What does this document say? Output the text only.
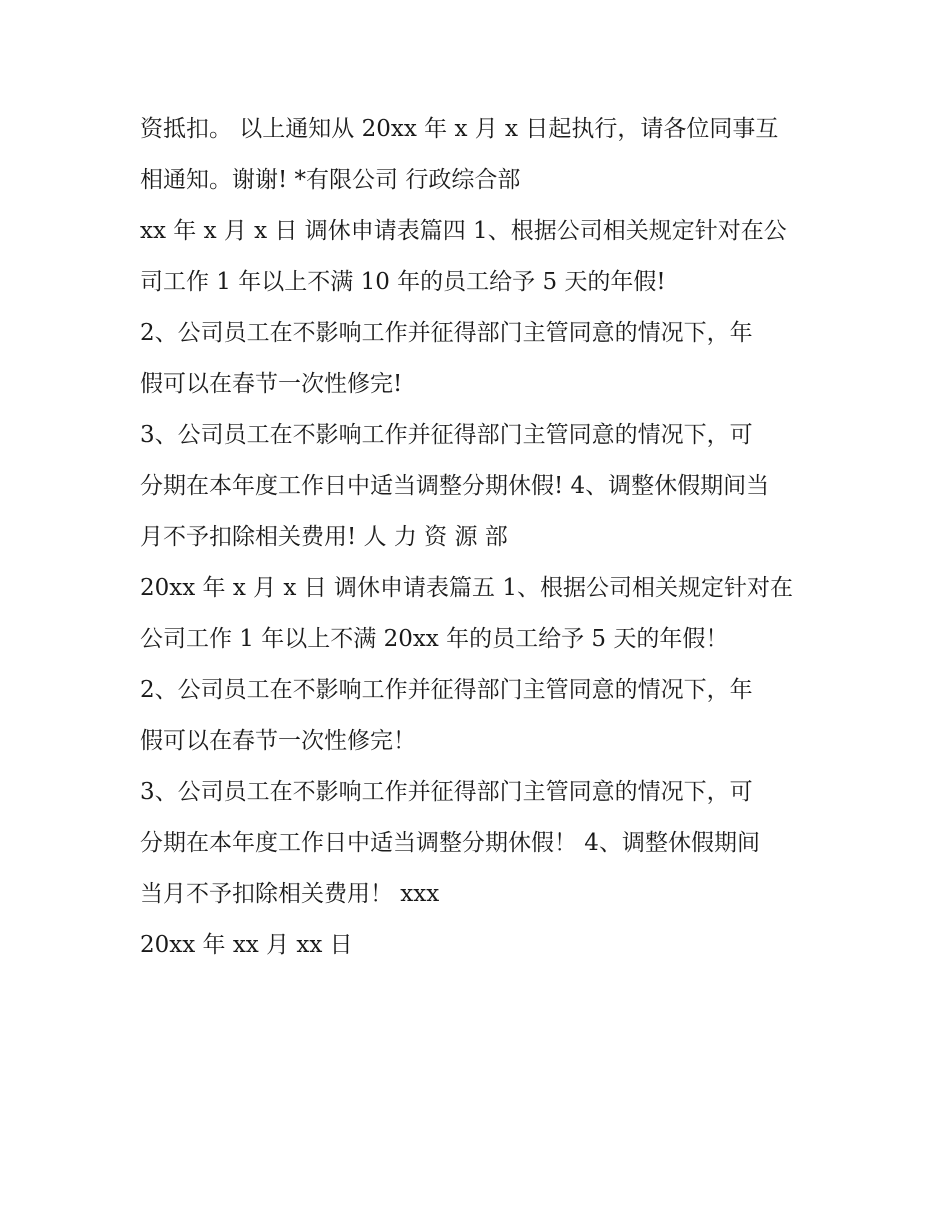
资抵扣。 以上通知从 20xx 年 x 月 x 日起执行，请各位同事互
相通知。谢谢! *有限公司 行政综合部
xx 年 x 月 x 日 调休申请表篇四 1、根据公司相关规定针对在公
司工作 1 年以上不满 10 年的员工给予 5 天的年假!
2、公司员工在不影响工作并征得部门主管同意的情况下，年
假可以在春节一次性修完!
3、公司员工在不影响工作并征得部门主管同意的情况下，可
分期在本年度工作日中适当调整分期休假! 4、调整休假期间当
月不予扣除相关费用! 人 力 资 源 部
20xx 年 x 月 x 日 调休申请表篇五 1、根据公司相关规定针对在
公司工作 1 年以上不满 20xx 年的员工给予 5 天的年假！
2、公司员工在不影响工作并征得部门主管同意的情况下，年
假可以在春节一次性修完！
3、公司员工在不影响工作并征得部门主管同意的情况下，可
分期在本年度工作日中适当调整分期休假！ 4、调整休假期间
当月不予扣除相关费用！ xxx
20xx 年 xx 月 xx 日
